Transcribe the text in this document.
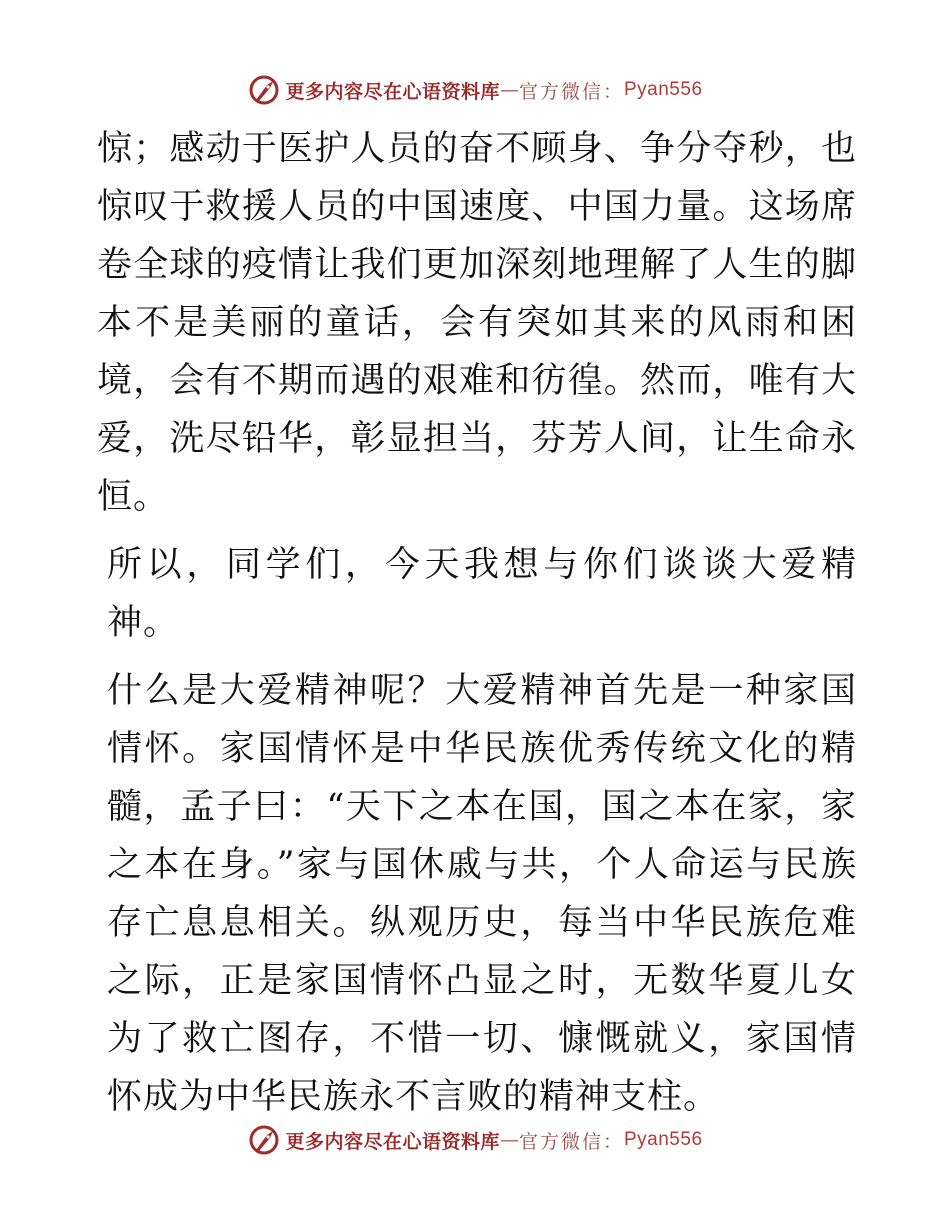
更多内容尽在心语资料库 — 官方微信： Pyan556

惊；感动于医护人员的奋不顾身、争分夺秒，也惊叹于救援人员的中国速度、中国力量。这场席卷全球的疫情让我们更加深刻地理解了人生的脚本不是美丽的童话，会有突如其来的风雨和困境，会有不期而遇的艰难和彷徨。然而，唯有大爱，洗尽铅华，彰显担当，芬芳人间，让生命永恒。

所以，同学们，今天我想与你们谈谈大爱精神。

什么是大爱精神呢？大爱精神首先是一种家国情怀。家国情怀是中华民族优秀传统文化的精髓，孟子曰：“天下之本在国，国之本在家，家之本在身。”家与国休戚与共，个人命运与民族存亡息息相关。纵观历史，每当中华民族危难之际，正是家国情怀凸显之时，无数华夏儿女为了救亡图存，不惜一切、慷慨就义，家国情怀成为中华民族永不言败的精神支柱。

更多内容尽在心语资料库 — 官方微信： Pyan556
